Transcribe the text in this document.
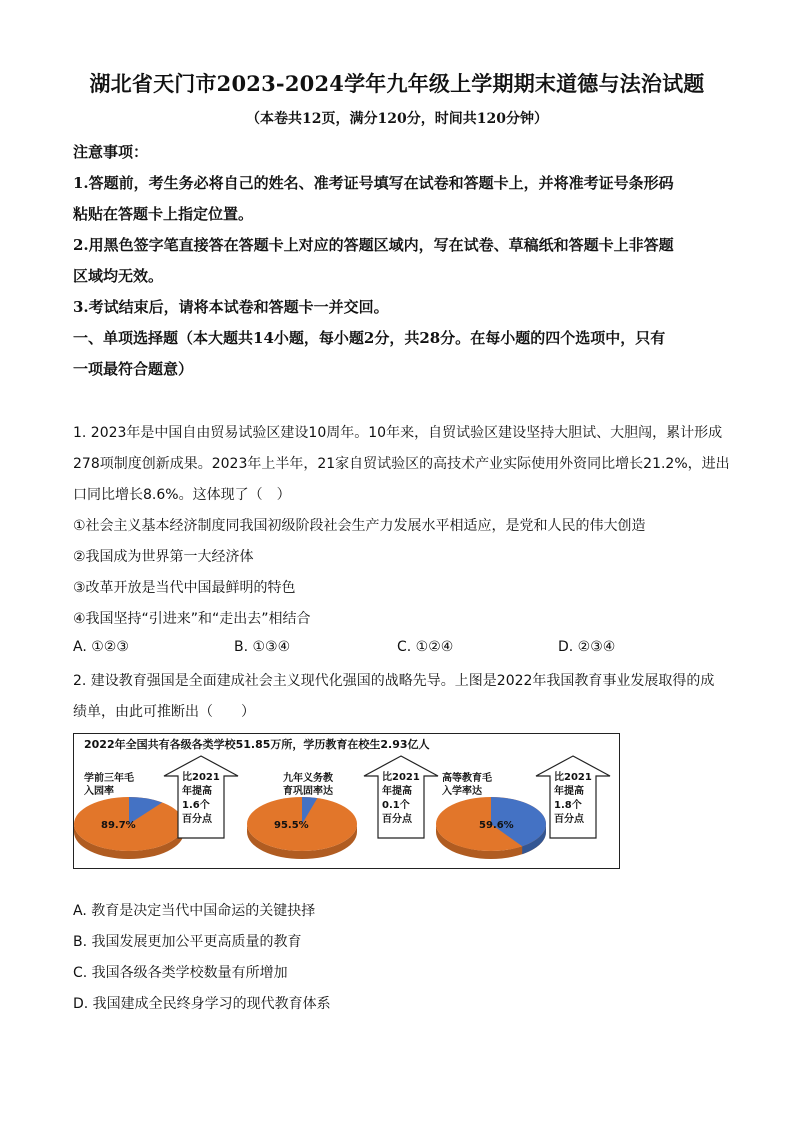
湖北省天门市2023-2024学年九年级上学期期末道德与法治试题
（本卷共12页，满分120分，时间共120分钟）
注意事项：
1.答题前，考生务必将自己的姓名、准考证号填写在试卷和答题卡上，并将准考证号条形码
粘贴在答题卡上指定位置。
2.用黑色签字笔直接答在答题卡上对应的答题区域内，写在试卷、草稿纸和答题卡上非答题
区域均无效。
3.考试结束后，请将本试卷和答题卡一并交回。
一、单项选择题（本大题共14小题，每小题2分，共28分。在每小题的四个选项中，只有
一项最符合题意）
1. 2023年是中国自由贸易试验区建设10周年。10年来，自贸试验区建设坚持大胆试、大胆闯，累计形成
278项制度创新成果。2023年上半年，21家自贸试验区的高技术产业实际使用外资同比增长21.2%，进出
口同比增长8.6%。这体现了（　）
①社会主义基本经济制度同我国初级阶段社会生产力发展水平相适应，是党和人民的伟大创造
②我国成为世界第一大经济体
③改革开放是当代中国最鲜明的特色
④我国坚持“引进来”和“走出去”相结合
A. ①②③	B. ①③④	C. ①②④	D. ②③④
2. 建设教育强国是全面建成社会主义现代化强国的战略先导。上图是2022年我国教育事业发展取得的成
绩单，由此可推断出（　　）
2022年全国共有各级各类学校51.85万所，学历教育在校生2.93亿人
89.7%
学前三年毛
入园率
比2021
年提高
1.6个
百分点
95.5%
九年义务教
育巩固率达
比2021
年提高
0.1个
百分点
59.6%
高等教育毛
入学率达
比2021
年提高
1.8个
百分点
A. 教育是决定当代中国命运的关键抉择
B. 我国发展更加公平更高质量的教育
C. 我国各级各类学校数量有所增加
D. 我国建成全民终身学习的现代教育体系
